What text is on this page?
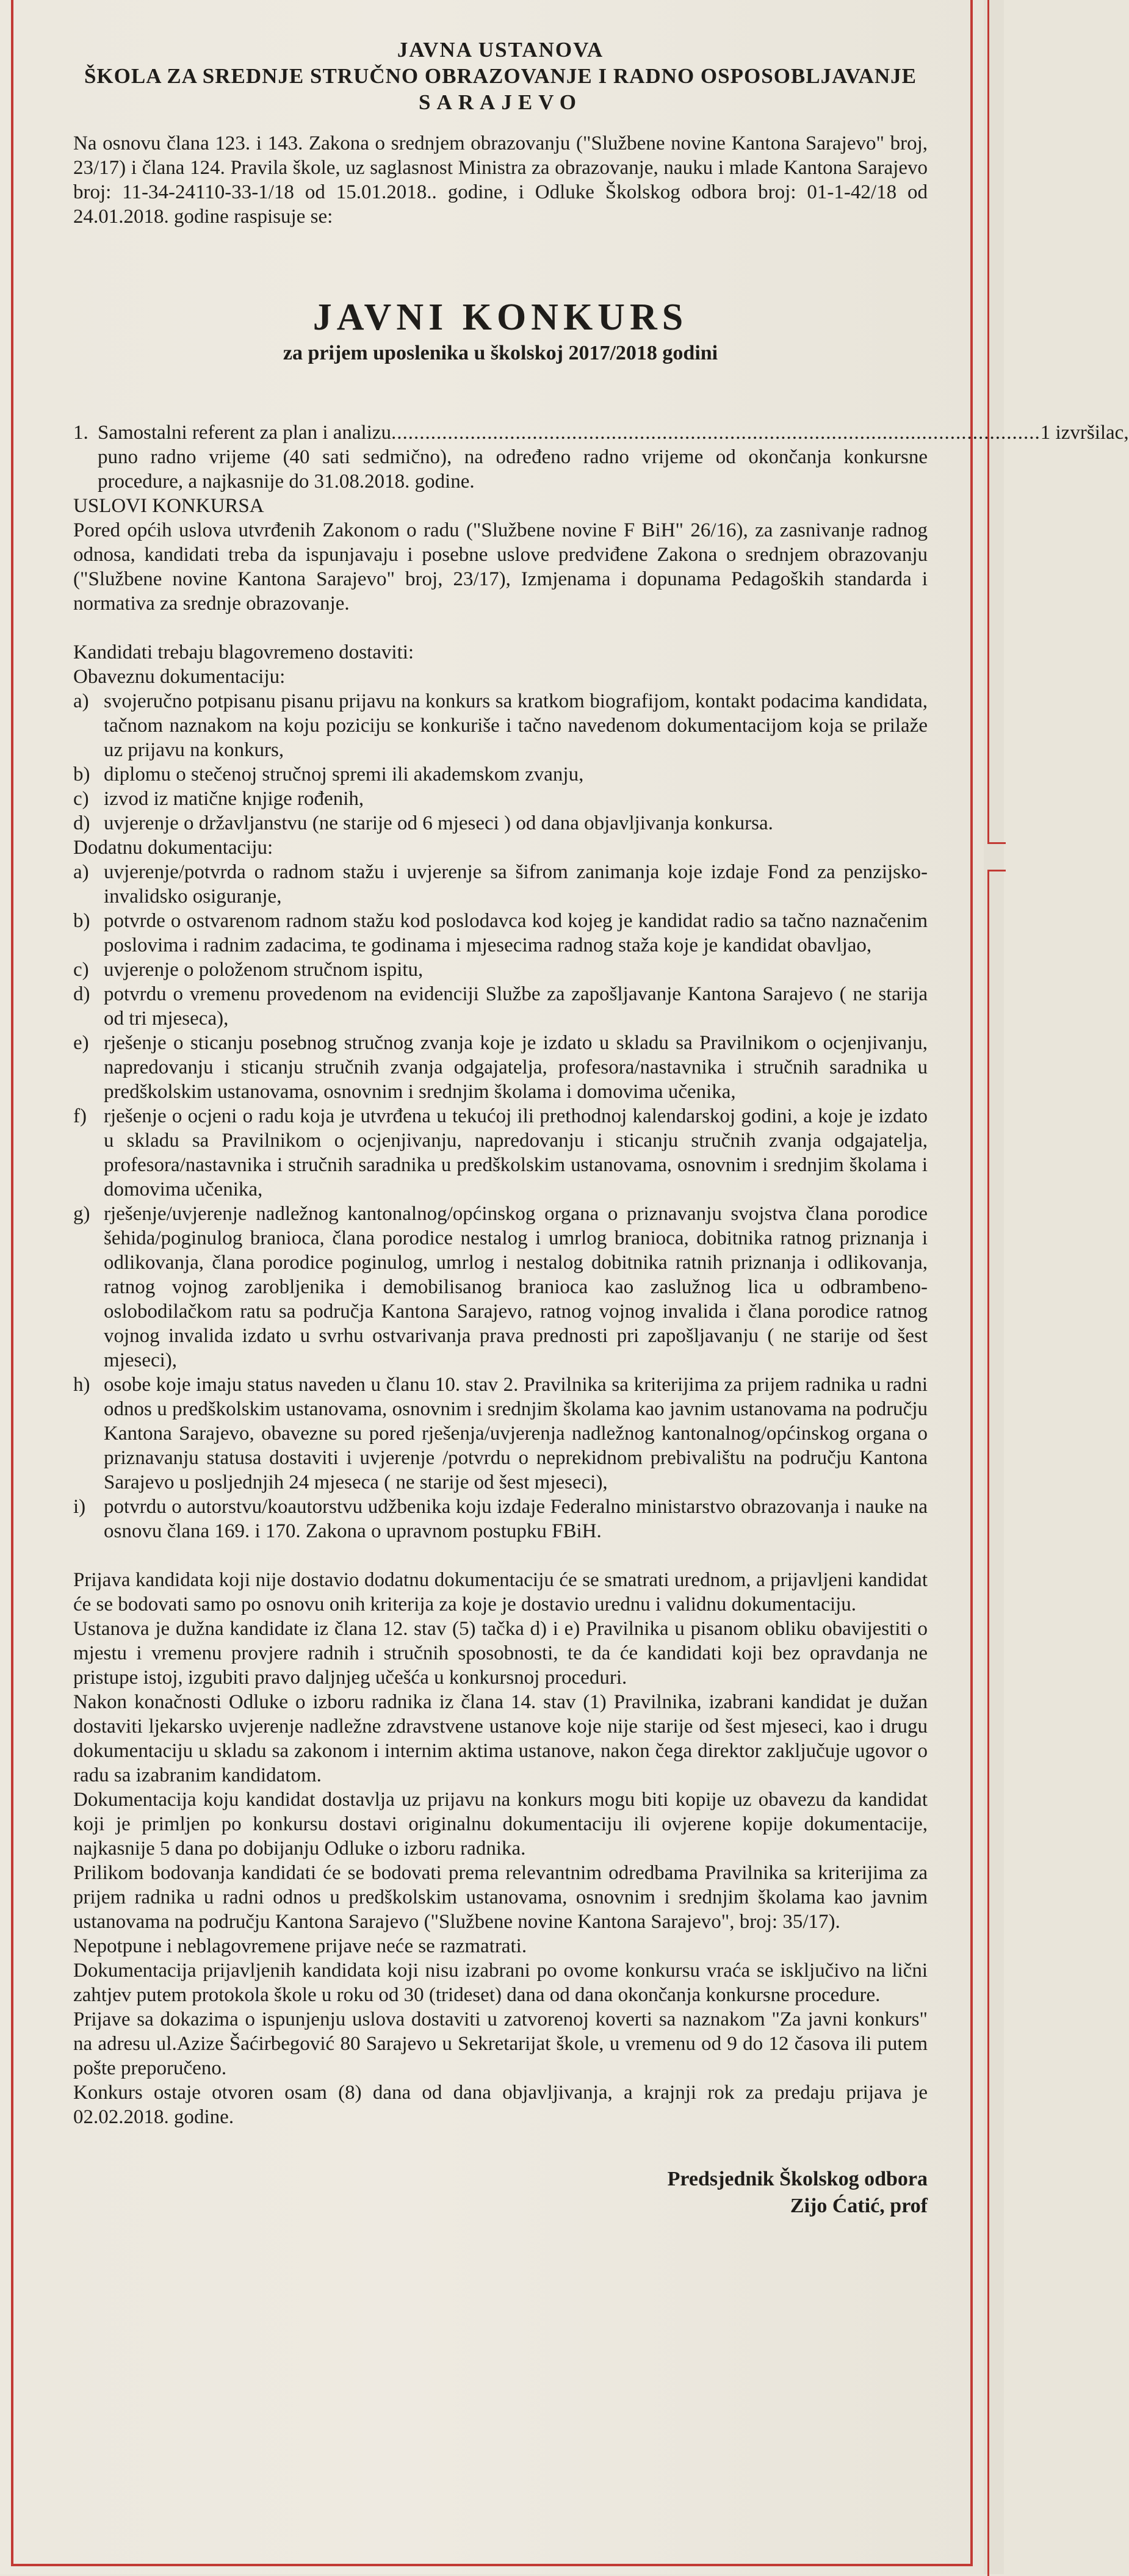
JAVNA USTANOVA

ŠKOLA ZA SREDNJE STRUČNO OBRAZOVANJE I RADNO OSPOSOBLJAVANJE

SARAJEVO

Na osnovu člana 123. i 143. Zakona o srednjem obrazovanju ("Službene novine Kantona Sarajevo" broj, 23/17) i člana 124. Pravila škole, uz saglasnost Ministra za obrazovanje, nauku i mlade Kantona Sarajevo broj: 11-34-24110-33-1/18 od 15.01.2018.. godine, i Odluke Školskog odbora broj: 01-1-42/18 od 24.01.2018. godine raspisuje se:
JAVNI KONKURS
za prijem uposlenika u školskoj 2017/2018 godini
1. Samostalni referent za plan i analizu ................................................................................................................... 1 izvršilac,
puno radno vrijeme (40 sati sedmično), na određeno radno vrijeme od okončanja konkursne procedure, a najkasnije do 31.08.2018. godine.
USLOVI KONKURSA
Pored općih uslova utvrđenih Zakonom o radu ("Službene novine F BiH" 26/16), za zasnivanje radnog odnosa, kandidati treba da ispunjavaju i posebne uslove predviđene Zakona o srednjem obrazovanju ("Službene novine Kantona Sarajevo" broj, 23/17), Izmjenama i dopunama Pedagoških standarda i normativa za srednje obrazovanje.
Kandidati trebaju blagovremeno dostaviti:
Obaveznu dokumentaciju:
a) svojeručno potpisanu pisanu prijavu na konkurs sa kratkom biografijom, kontakt podacima kandidata, tačnom naznakom na koju poziciju se konkuriše i tačno navedenom dokumentacijom koja se prilaže uz prijavu na konkurs,
b) diplomu o stečenoj stručnoj spremi ili akademskom zvanju,
c) izvod iz matične knjige rođenih,
d) uvjerenje o državljanstvu (ne starije od 6 mjeseci ) od dana objavljivanja konkursa.
Dodatnu dokumentaciju:
a) uvjerenje/potvrda o radnom stažu i uvjerenje sa šifrom zanimanja koje izdaje Fond za penzijsko- invalidsko osiguranje,
b) potvrde o ostvarenom radnom stažu kod poslodavca kod kojeg je kandidat radio sa tačno naznačenim poslovima i radnim zadacima, te godinama i mjesecima radnog staža koje je kandidat obavljao,
c) uvjerenje o položenom stručnom ispitu,
d) potvrdu o vremenu provedenom na evidenciji Službe za zapošljavanje Kantona Sarajevo ( ne starija od tri mjeseca),
e) rješenje o sticanju posebnog stručnog zvanja koje je izdato u skladu sa Pravilnikom o ocjenjivanju, napredovanju i sticanju stručnih zvanja odgajatelja, profesora/nastavnika i stručnih saradnika u predškolskim ustanovama, osnovnim i srednjim školama i domovima učenika,
f) rješenje o ocjeni o radu koja je utvrđena u tekućoj ili prethodnoj kalendarskoj godini, a koje je izdato u skladu sa Pravilnikom o ocjenjivanju, napredovanju i sticanju stručnih zvanja odgajatelja, profesora/nastavnika i stručnih saradnika u predškolskim ustanovama, osnovnim i srednjim školama i domovima učenika,
g) rješenje/uvjerenje nadležnog kantonalnog/općinskog organa o priznavanju svojstva člana porodice šehida/poginulog branioca, člana porodice nestalog i umrlog branioca, dobitnika ratnog priznanja i odlikovanja, člana porodice poginulog, umrlog i nestalog dobitnika ratnih priznanja i odlikovanja, ratnog vojnog zarobljenika i demobilisanog branioca kao zaslužnog lica u odbrambeno-oslobodilačkom ratu sa područja Kantona Sarajevo, ratnog vojnog invalida i člana porodice ratnog vojnog invalida izdato u svrhu ostvarivanja prava prednosti pri zapošljavanju ( ne starije od šest mjeseci),
h) osobe koje imaju status naveden u članu 10. stav 2. Pravilnika sa kriterijima za prijem radnika u radni odnos u predškolskim ustanovama, osnovnim i srednjim školama kao javnim ustanovama na području Kantona Sarajevo, obavezne su pored rješenja/uvjerenja nadležnog kantonalnog/općinskog organa o priznavanju statusa dostaviti i uvjerenje /potvrdu o neprekidnom prebivalištu na području Kantona Sarajevo u posljednjih 24 mjeseca ( ne starije od šest mjeseci),
i) potvrdu o autorstvu/koautorstvu udžbenika koju izdaje Federalno ministarstvo obrazovanja i nauke na osnovu člana 169. i 170. Zakona o upravnom postupku FBiH.
Prijava kandidata koji nije dostavio dodatnu dokumentaciju će se smatrati urednom, a prijavljeni kandidat će se bodovati samo po osnovu onih kriterija za koje je dostavio urednu i validnu dokumentaciju.
Ustanova je dužna kandidate iz člana 12. stav (5) tačka d) i e) Pravilnika u pisanom obliku obavijestiti o mjestu i vremenu provjere radnih i stručnih sposobnosti, te da će kandidati koji bez opravdanja ne pristupe istoj, izgubiti pravo daljnjeg učešća u konkursnoj proceduri.
Nakon konačnosti Odluke o izboru radnika iz člana 14. stav (1) Pravilnika, izabrani kandidat je dužan dostaviti ljekarsko uvjerenje nadležne zdravstvene ustanove koje nije starije od šest mjeseci, kao i drugu dokumentaciju u skladu sa zakonom i internim aktima ustanove, nakon čega direktor zaključuje ugovor o radu sa izabranim kandidatom.
Dokumentacija koju kandidat dostavlja uz prijavu na konkurs mogu biti kopije uz obavezu da kandidat koji je primljen po konkursu dostavi originalnu dokumentaciju ili ovjerene kopije dokumentacije, najkasnije 5 dana po dobijanju Odluke o izboru radnika.
Prilikom bodovanja kandidati će se bodovati prema relevantnim odredbama Pravilnika sa kriterijima za prijem radnika u radni odnos u predškolskim ustanovama, osnovnim i srednjim školama kao javnim ustanovama na području Kantona Sarajevo ("Službene novine Kantona Sarajevo", broj: 35/17).
Nepotpune i neblagovremene prijave neće se razmatrati.
Dokumentacija prijavljenih kandidata koji nisu izabrani po ovome konkursu vraća se isključivo na lični zahtjev putem protokola škole u roku od 30 (trideset) dana od dana okončanja konkursne procedure.
Prijave sa dokazima o ispunjenju uslova dostaviti u zatvorenoj koverti sa naznakom "Za javni konkurs" na adresu ul.Azize Šaćirbegović 80 Sarajevo u Sekretarijat škole, u vremenu od 9 do 12 časova ili putem pošte preporučeno.
Konkurs ostaje otvoren osam (8) dana od dana objavljivanja, a krajnji rok za predaju prijava je 02.02.2018. godine.
Predsjednik Školskog odbora
Zijo Ćatić, prof
